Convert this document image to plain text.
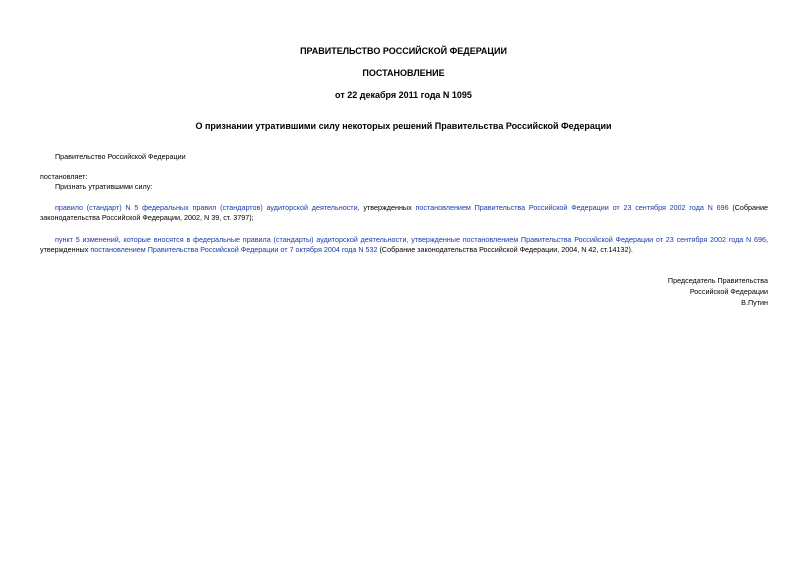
ПРАВИТЕЛЬСТВО РОССИЙСКОЙ ФЕДЕРАЦИИ
ПОСТАНОВЛЕНИЕ
от 22 декабря 2011 года N 1095
О признании утратившими силу некоторых решений Правительства Российской Федерации
Правительство Российской Федерации
постановляет:
Признать утратившими силу:
правило (стандарт) N 5 федеральных правил (стандартов) аудиторской деятельности, утвержденных постановлением Правительства Российской Федерации от 23 сентября 2002 года N 696 (Собрание законодательства Российской Федерации, 2002, N 39, ст. 3797);
пункт 5 изменений, которые вносятся в федеральные правила (стандарты) аудиторской деятельности, утвержденные постановлением Правительства Российской Федерации от 23 сентября 2002 года N 696, утвержденных постановлением Правительства Российской Федерации от 7 октября 2004 года N 532 (Собрание законодательства Российской Федерации, 2004, N 42, ст.14132).
Председатель Правительства
Российской Федерации
В.Путин
